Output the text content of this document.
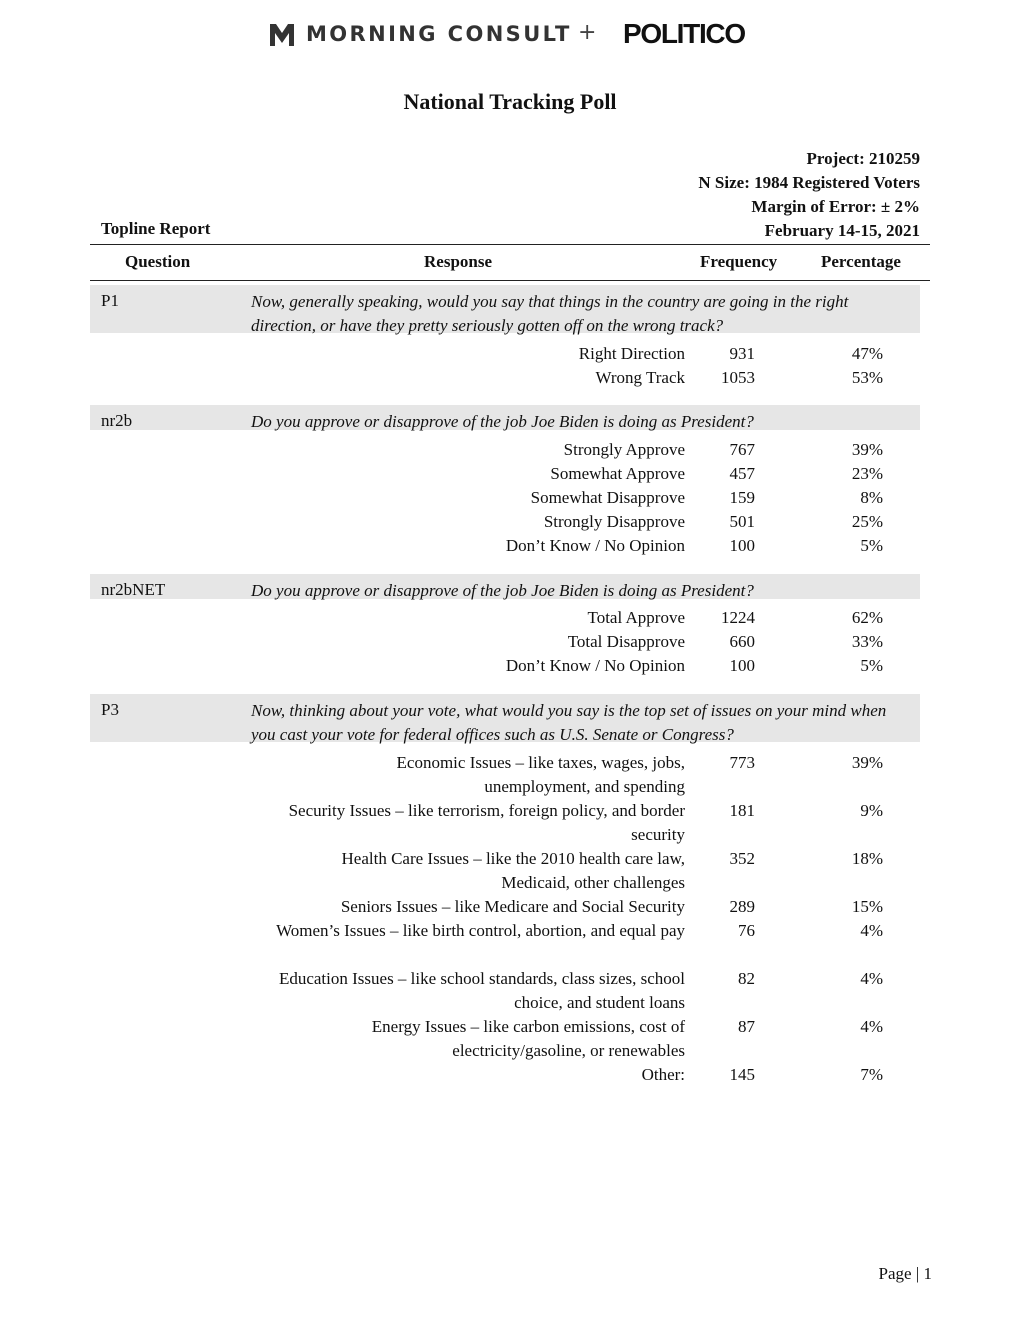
MORNING CONSULT + POLITICO
National Tracking Poll
Project: 210259
N Size: 1984 Registered Voters
Margin of Error: ± 2%
February 14-15, 2021
Topline Report
Question	Response	Frequency	Percentage
P1	Now, generally speaking, would you say that things in the country are going in the right direction, or have they pretty seriously gotten off on the wrong track?
Right Direction	931	47%
Wrong Track	1053	53%
nr2b	Do you approve or disapprove of the job Joe Biden is doing as President?
Strongly Approve	767	39%
Somewhat Approve	457	23%
Somewhat Disapprove	159	8%
Strongly Disapprove	501	25%
Don’t Know / No Opinion	100	5%
nr2bNET	Do you approve or disapprove of the job Joe Biden is doing as President?
Total Approve	1224	62%
Total Disapprove	660	33%
Don’t Know / No Opinion	100	5%
P3	Now, thinking about your vote, what would you say is the top set of issues on your mind when you cast your vote for federal offices such as U.S. Senate or Congress?
Economic Issues – like taxes, wages, jobs, unemployment, and spending
773	39%
Security Issues – like terrorism, foreign policy, and border security
181	9%
Health Care Issues – like the 2010 health care law, Medicaid, other challenges
352	18%
Seniors Issues – like Medicare and Social Security	289	15%
Women’s Issues – like birth control, abortion, and equal pay	76	4%
Education Issues – like school standards, class sizes, school choice, and student loans
82	4%
Energy Issues – like carbon emissions, cost of electricity/gasoline, or renewables
87	4%
Other:	145	7%
Page | 1
